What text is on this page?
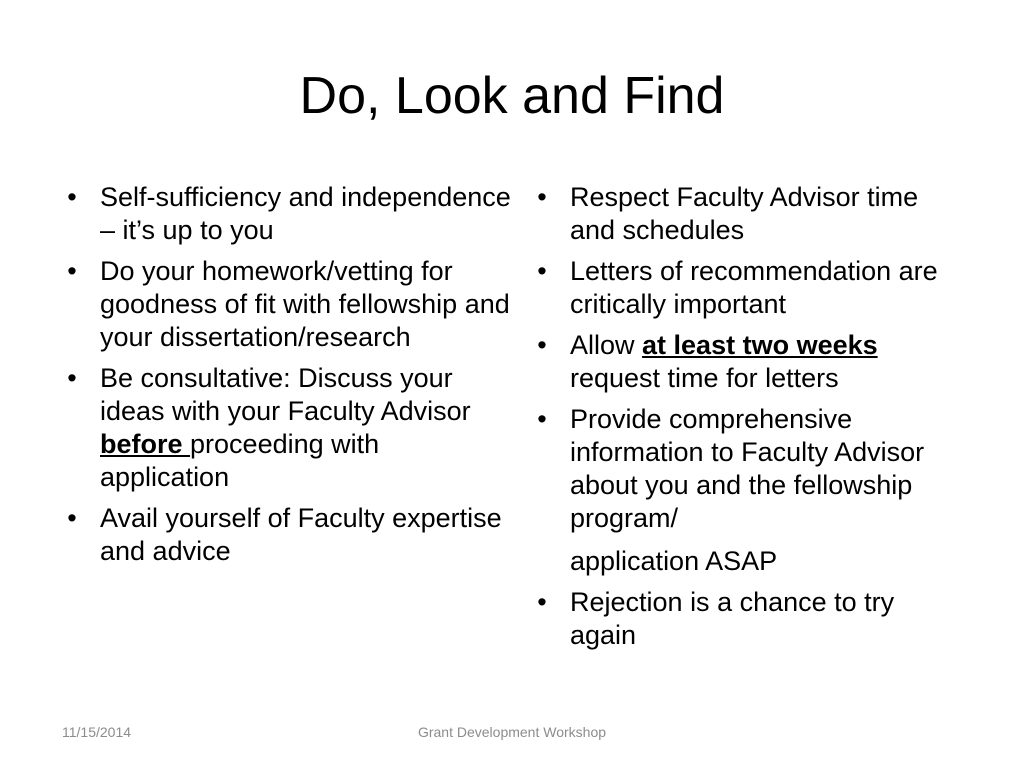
Do, Look and Find
• Self-sufficiency and independence – it’s up to you
• Do your homework/vetting for goodness of fit with fellowship and your dissertation/research
• Be consultative: Discuss your ideas with your Faculty Advisor before proceeding with application
• Avail yourself of Faculty expertise and advice
• Respect Faculty Advisor time and schedules
• Letters of recommendation are critically important
• Allow at least two weeks request time for letters
• Provide comprehensive information to Faculty Advisor about you and the fellowship program/
application ASAP
• Rejection is a chance to try again
11/15/2014	Grant Development Workshop
